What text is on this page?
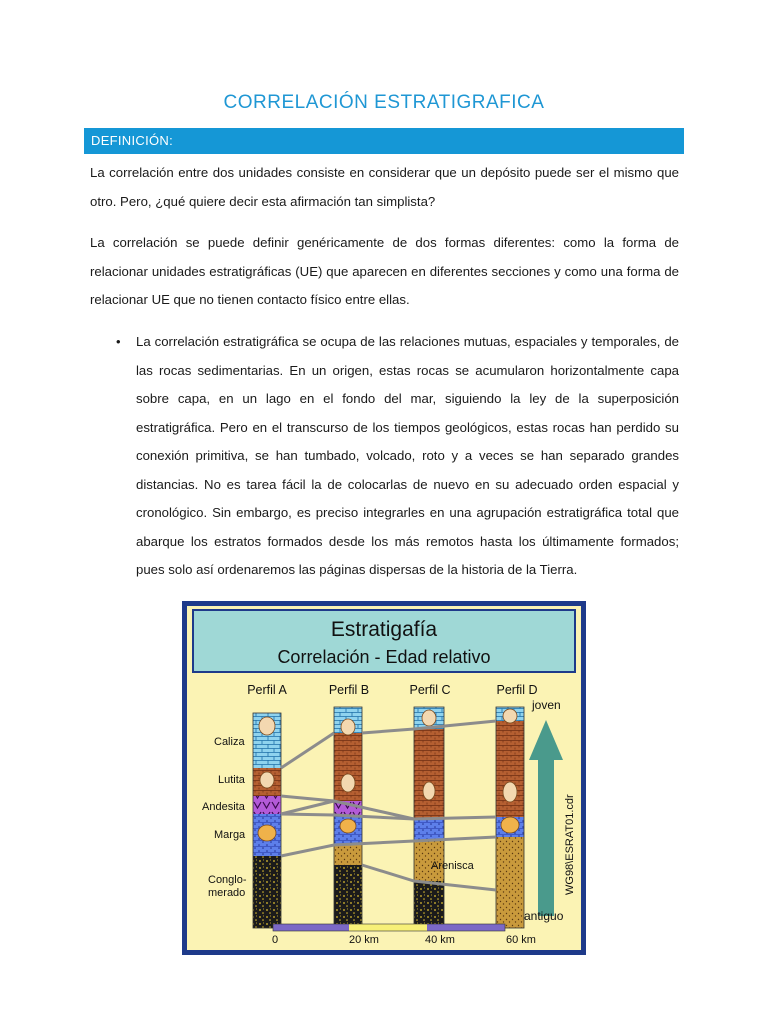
CORRELACIÓN ESTRATIGRAFICA
DEFINICIÓN:
La correlación entre dos unidades consiste en considerar que un depósito puede ser el mismo que otro. Pero, ¿qué quiere decir esta afirmación tan simplista?
La correlación se puede definir genéricamente de dos formas diferentes: como la forma de relacionar unidades estratigráficas (UE) que aparecen en diferentes secciones y como una forma de relacionar UE que no tienen contacto físico entre ellas.
• La correlación estratigráfica se ocupa de las relaciones mutuas, espaciales y temporales, de las rocas sedimentarias. En un origen, estas rocas se acumularon horizontalmente capa sobre capa, en un lago en el fondo del mar, siguiendo la ley de la superposición estratigráfica. Pero en el transcurso de los tiempos geológicos, estas rocas han perdido su conexión primitiva, se han tumbado, volcado, roto y a veces se han separado grandes distancias. No es tarea fácil la de colocarlas de nuevo en su adecuado orden espacial y cronológico. Sin embargo, es preciso integrarles en una agrupación estratigráfica total que abarque los estratos formados desde los más remotos hasta los últimamente formados; pues solo así ordenaremos las páginas dispersas de la historia de la Tierra.
Estratigafía
Correlación - Edad relativo
Perfil A	Perfil B	Perfil C	Perfil D
Caliza
Lutita
Andesita
Marga
Conglo-
merado
Arenisca
joven
antiguo
WG98\ESRAT01.cdr
0	20 km	40 km	60 km
